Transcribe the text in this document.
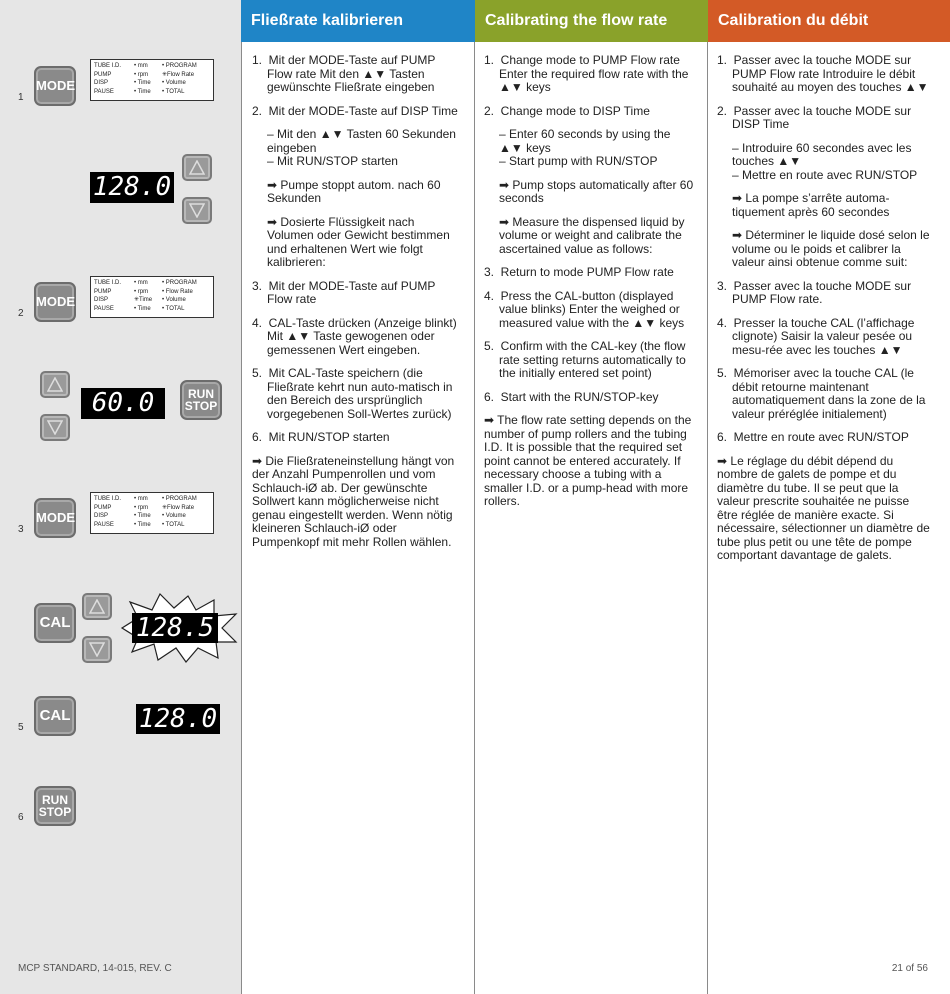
MODE
1
TUBE I.D.	• mm	• PROGRAM
PUMP	• rpm	✳Flow Rate
DISP	• Time	• Volume
PAUSE	• Time	• TOTAL
128.0
MODE
2
TUBE I.D.	• mm	• PROGRAM
PUMP	• rpm	• Flow Rate
DISP	✳Time	• Volume
PAUSE	• Time	• TOTAL
60.0	RUN
STOP
MODE
3
TUBE I.D.	• mm	• PROGRAM
PUMP	• rpm	✳Flow Rate
DISP	• Time	• Volume
PAUSE	• Time	• TOTAL
CAL	128.5
CAL
5	128.0
RUN
STOP
6
Fließrate kalibrieren	Calibrating the flow rate	Calibration du débit

1.  Mit der MODE-Taste auf PUMP Flow rate Mit den ▲▼ Tasten gewünschte Fließrate eingeben

2.  Mit der MODE-Taste auf DISP Time

– Mit den ▲▼ Tasten 60 Sekunden eingeben
– Mit RUN/STOP starten

➡ Pumpe stoppt autom. nach 60 Sekunden

➡ Dosierte Flüssigkeit nach Volumen oder Gewicht bestimmen und erhaltenen Wert wie folgt kalibrieren:

3.  Mit der MODE-Taste auf PUMP Flow rate

4.  CAL-Taste drücken (Anzeige blinkt) Mit ▲▼ Taste gewogenen oder gemessenen Wert eingeben.

5.  Mit CAL-Taste speichern (die Fließrate kehrt nun auto-matisch in den Bereich des ursprünglich vorgegebenen Soll-Wertes zurück)

6.  Mit RUN/STOP starten

➡ Die Fließrateneinstellung hängt von der Anzahl Pumpenrollen und vom Schlauch-iØ ab. Der gewünschte Sollwert kann möglicherweise nicht genau eingestellt werden. Wenn nötig kleineren Schlauch-iØ oder Pumpenkopf mit mehr Rollen wählen.

1.  Change mode to PUMP Flow rate Enter the required flow rate with the ▲▼ keys

2.  Change mode to DISP Time

– Enter 60 seconds by using the ▲▼ keys
– Start pump with RUN/STOP

➡ Pump stops automatically after 60 seconds

➡ Measure the dispensed liquid by volume or weight and calibrate the ascertained value as follows:

3.  Return to mode PUMP Flow rate

4.  Press the CAL-button (displayed value blinks) Enter the weighed or measured value with the ▲▼ keys

5.  Confirm with the CAL-key (the flow rate setting returns automatically to the initially entered set point)

6.  Start with the RUN/STOP-key

➡ The flow rate setting depends on the number of pump rollers and the tubing I.D. It is possible that the required set point cannot be entered accurately. If necessary choose a tubing with a smaller I.D. or a pump-head with more rollers.

1.  Passer avec la touche MODE sur PUMP Flow rate Introduire le débit souhaité au moyen des touches ▲▼

2.  Passer avec la touche MODE sur DISP Time

– Introduire 60 secondes avec les touches ▲▼
– Mettre en route avec RUN/STOP

➡ La pompe s’arrête automa-tiquement après 60 secondes

➡ Déterminer le liquide dosé selon le volume ou le poids et calibrer la valeur ainsi obtenue comme suit:

3.  Passer avec la touche MODE sur PUMP Flow rate.

4.  Presser la touche CAL (l’affichage clignote) Saisir la valeur pesée ou mesu-rée avec les touches ▲▼

5.  Mémoriser avec la touche CAL (le débit retourne maintenant automatiquement dans la zone de la valeur préréglée initialement)

6.  Mettre en route avec RUN/STOP

➡ Le réglage du débit dépend du nombre de galets de pompe et du diamètre du tube. Il se peut que la valeur prescrite souhaitée ne puisse être réglée de manière exacte. Si nécessaire, sélectionner un diamètre de tube plus petit ou une tête de pompe comportant davantage de galets.

MCP STANDARD, 14-015, REV. C	21 of 56
